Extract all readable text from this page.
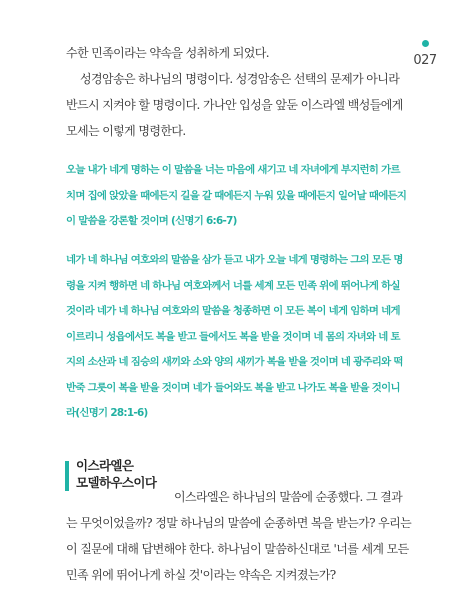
027
수한 민족이라는 약속을 성취하게 되었다.
성경암송은 하나님의 명령이다. 성경암송은 선택의 문제가 아니라
반드시 지켜야 할 명령이다. 가나안 입성을 앞둔 이스라엘 백성들에게
모세는 이렇게 명령한다.
오늘 내가 네게 명하는 이 말씀을 너는 마음에 새기고 네 자녀에게 부지런히 가르
치며 집에 앉았을 때에든지 길을 갈 때에든지 누워 있을 때에든지 일어날 때에든지
이 말씀을 강론할 것이며 (신명기 6:6-7)
네가 네 하나님 여호와의 말씀을 삼가 듣고 내가 오늘 네게 명령하는 그의 모든 명
령을 지켜 행하면 네 하나님 여호와께서 너를 세계 모든 민족 위에 뛰어나게 하실
것이라 네가 네 하나님 여호와의 말씀을 청종하면 이 모든 복이 네게 임하며 네게
이르리니 성읍에서도 복을 받고 들에서도 복을 받을 것이며 네 몸의 자녀와 네 토
지의 소산과 네 짐승의 새끼와 소와 양의 새끼가 복을 받을 것이며 네 광주리와 떡
반죽 그릇이 복을 받을 것이며 네가 들어와도 복을 받고 나가도 복을 받을 것이니
라(신명기 28:1-6)
이스라엘은
모델하우스이다
이스라엘은 하나님의 말씀에 순종했다. 그 결과
는 무엇이었을까? 정말 하나님의 말씀에 순종하면 복을 받는가? 우리는
이 질문에 대해 답변해야 한다. 하나님이 말씀하신대로 '너를 세계 모든
민족 위에 뛰어나게 하실 것'이라는 약속은 지켜졌는가?
